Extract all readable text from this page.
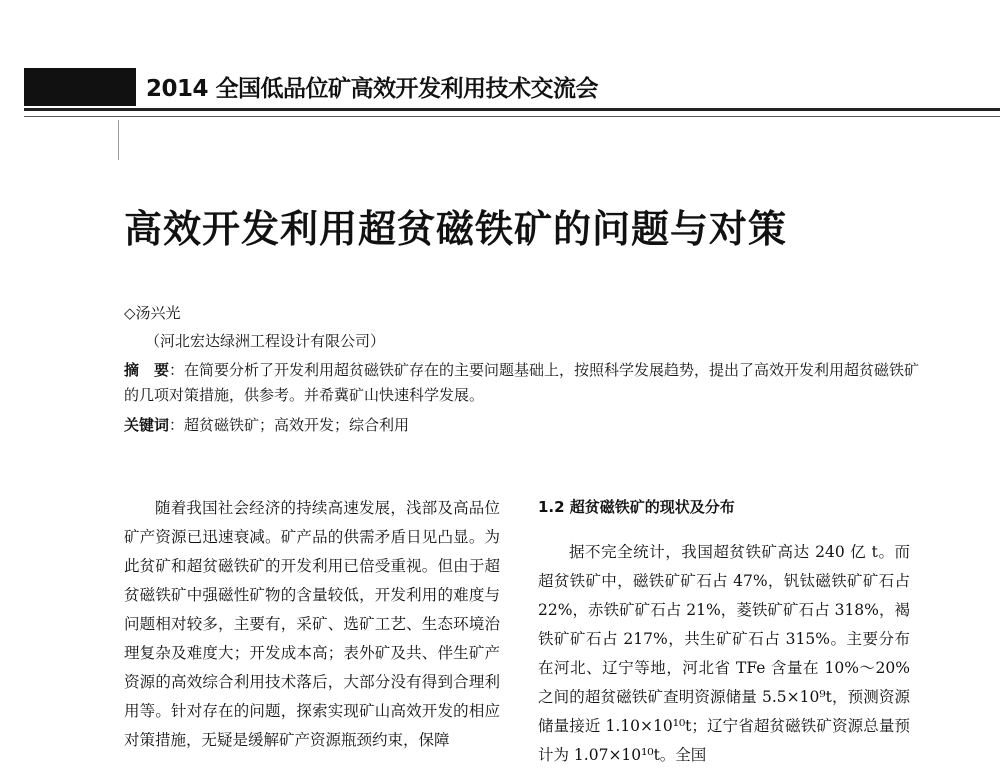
2014 全国低品位矿高效开发利用技术交流会
高效开发利用超贫磁铁矿的问题与对策
◇汤兴光
（河北宏达绿洲工程设计有限公司）
摘　要：在简要分析了开发利用超贫磁铁矿存在的主要问题基础上，按照科学发展趋势，提出了高效开发利用超贫磁铁矿的几项对策措施，供参考。并希冀矿山快速科学发展。
关键词：超贫磁铁矿；高效开发；综合利用

随着我国社会经济的持续高速发展，浅部及高品位矿产资源已迅速衰减。矿产品的供需矛盾日见凸显。为此贫矿和超贫磁铁矿的开发利用已倍受重视。但由于超贫磁铁矿中强磁性矿物的含量较低，开发利用的难度与问题相对较多，主要有，采矿、选矿工艺、生态环境治理复杂及难度大；开发成本高；表外矿及共、伴生矿产资源的高效综合利用技术落后，大部分没有得到合理利用等。针对存在的问题，探索实现矿山高效开发的相应对策措施，无疑是缓解矿产资源瓶颈约束，保障

1.2 超贫磁铁矿的现状及分布

据不完全统计，我国超贫铁矿高达 240 亿 t。而超贫铁矿中，磁铁矿矿石占 47%，钒钛磁铁矿矿石占 22%，赤铁矿矿石占 21%，菱铁矿矿石占 318%，褐铁矿矿石占 217%，共生矿矿石占 315%。主要分布在河北、辽宁等地，河北省 TFe 含量在 10%～20% 之间的超贫磁铁矿查明资源储量 5.5×10⁹t，预测资源储量接近 1.10×10¹⁰t；辽宁省超贫磁铁矿资源总量预计为 1.07×10¹⁰t。全国
